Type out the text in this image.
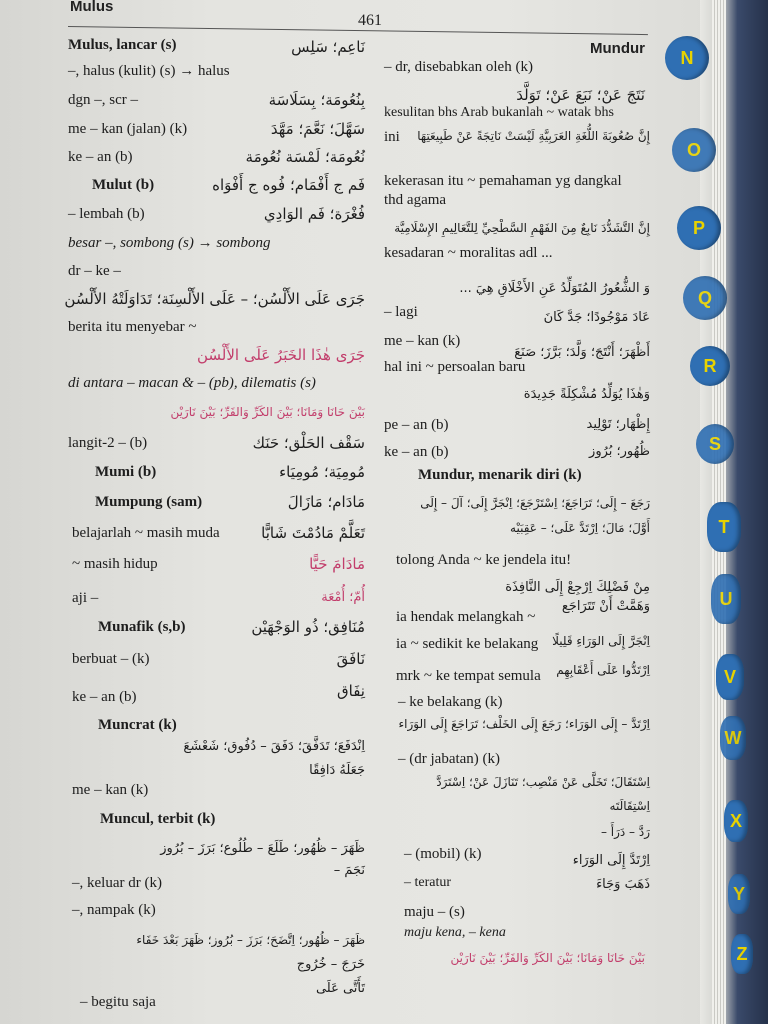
Mulus
461
Mundur
Mulus, lancar (s)	نَاعِم؛ سَلِس
–, halus (kulit) (s) → halus
dgn –, scr –	بِنُعُومَة؛ بِسَلَاسَة
me – kan (jalan) (k)	سَهَّلَ؛ نَعَّمَ؛ مَهَّدَ
ke – an (b)	نُعُومَة؛ لَمْسَة نُعُومَة
Mulut (b)	فَم ج أَفْمَام؛ فُوه ج أَفْوَاه
– lembah (b)	فُغْرَة؛ فَم الوَادِي
besar –, sombong (s) → sombong
dr – ke –
جَرَى عَلَى الأَلْسُن؛ – عَلَى الأَلْسِنَة؛ تَدَاوَلَتْهُ الأَلْسُن
berita itu menyebar ~
جَرَى هٰذَا الخَبَرُ عَلَى الأَلْسُن
di antara – macan & – (pb), dilematis (s)
بَيْنَ حَانَا وَمَانَا؛ بَيْنَ الكَرِّ وَالفَرِّ؛ بَيْنَ نَارَيْن
langit-2 – (b)	سَقْف الحَلْق؛ حَنَك
Mumi (b)	مُومِيَة؛ مُومِيَاء
Mumpung (sam)	مَادَام؛ مَازَالَ
belajarlah ~ masih muda	تَعَلَّمْ مَادُمْتَ شَابًّا
~ masih hidup	مَادَامَ حَيًّا
aji –	أُمّ؛ أُمْعَة
Munafik (s,b)	مُنَافِق؛ ذُو الوَجْهَيْن
berbuat – (k)	نَافَقَ
ke – an (b)	نِفَاق
Muncrat (k)
اِنْدَفَعَ؛ تَدَفَّقَ؛ دَفَقَ – دُفُوق؛ شَعْشَعَ
جَعَلَهُ دَافِقًا
me – kan (k)
Muncul, terbit (k)
ظَهَرَ – ظُهُور؛ طَلَعَ – طُلُوع؛ بَرَزَ – بُرُوز
نَجَمَ –
–, keluar dr (k)
–, nampak (k)
ظَهَرَ – ظُهُور؛ اِتَّضَحَ؛ بَرَزَ – بُرُوز؛ ظَهَرَ بَعْدَ خَفَاء
خَرَجَ – خُرُوج
تَأَتَّى عَلَى
– begitu saja
– dr, disebabkan oleh (k)
نَتَجَ عَنْ؛ نَبَعَ عَنْ؛ تَوَلَّدَ
kesulitan bhs Arab bukanlah ~ watak bhs
ini	إِنَّ صُعُوبَةَ اللُّغَةِ العَرَبِيَّةِ لَيْسَتْ نَاتِجَةً عَنْ طَبِيعَتِهَا
kekerasan itu ~ pemahaman yg dangkal
thd agama
إِنَّ التَّشَدُّدَ نَابِعٌ مِنَ الفَهْمِ السَّطْحِيِّ لِلتَّعَالِيمِ الإِسْلَامِيَّة
kesadaran ~ moralitas adl ...
وَ الشُّعُورُ المُتَوَلِّدُ عَنِ الأَخْلَاقِ هِيَ ...
– lagi	عَادَ مَوْجُودًا؛ جَدَّ كَانَ
me – kan (k)
أَظْهَرَ؛ أَنْتَجَ؛ وَلَّدَ؛ بَرَّزَ؛ صَنَعَ
hal ini ~ persoalan baru
وَهٰذَا يُوَلِّدُ مُشْكِلَةً جَدِيدَة
pe – an (b)	إِظْهَار؛ تَوْلِيد
ke – an (b)	ظُهُور؛ بُرُوز
Mundur, menarik diri (k)
رَجَعَ – إِلَى؛ تَرَاجَعَ؛ اِسْتَرْجَعَ؛ اِنْجَرَّ إِلَى؛ آلَ – إِلَى
أَوَّلَ؛ مَالَ؛ اِرْتَدَّ عَلَى؛ – عَقِبَيْه
tolong Anda ~ ke jendela itu!
مِنْ فَضْلِكَ اِرْجِعْ إِلَى النَّافِذَة
ia hendak melangkah ~
وَهَمَّتْ أَنْ تَتَرَاجَع
ia ~ sedikit ke belakang اِنْجَرَّ إِلَى الوَرَاءِ قَلِيلًا
mrk ~ ke tempat semula	اِرْتَدُّوا عَلَى أَعْقَابِهِم
– ke belakang (k)
اِرْتَدَّ – إِلَى الوَرَاء؛ رَجَعَ إِلَى الخَلْف؛ تَرَاجَعَ إِلَى الوَرَاء
– (dr jabatan) (k)
اِسْتَقَالَ؛ تَخَلَّى عَنْ مَنْصِب؛ تَنَازَلَ عَنْ؛ اِسْتَرَدَّ
اِسْتِقَالَتَه
رَدَّ – دَرَأَ –
– (mobil) (k)	اِرْتَدَّ إِلَى الوَرَاء
– teratur	ذَهَبَ وَجَاءَ
maju – (s)
maju kena, – kena
بَيْنَ حَانَا وَمَانَا؛ بَيْنَ الكَرِّ وَالفَرِّ؛ بَيْنَ نَارَيْن
N
O
P
Q
R
S
T
U
V
W
X
Y
Z
